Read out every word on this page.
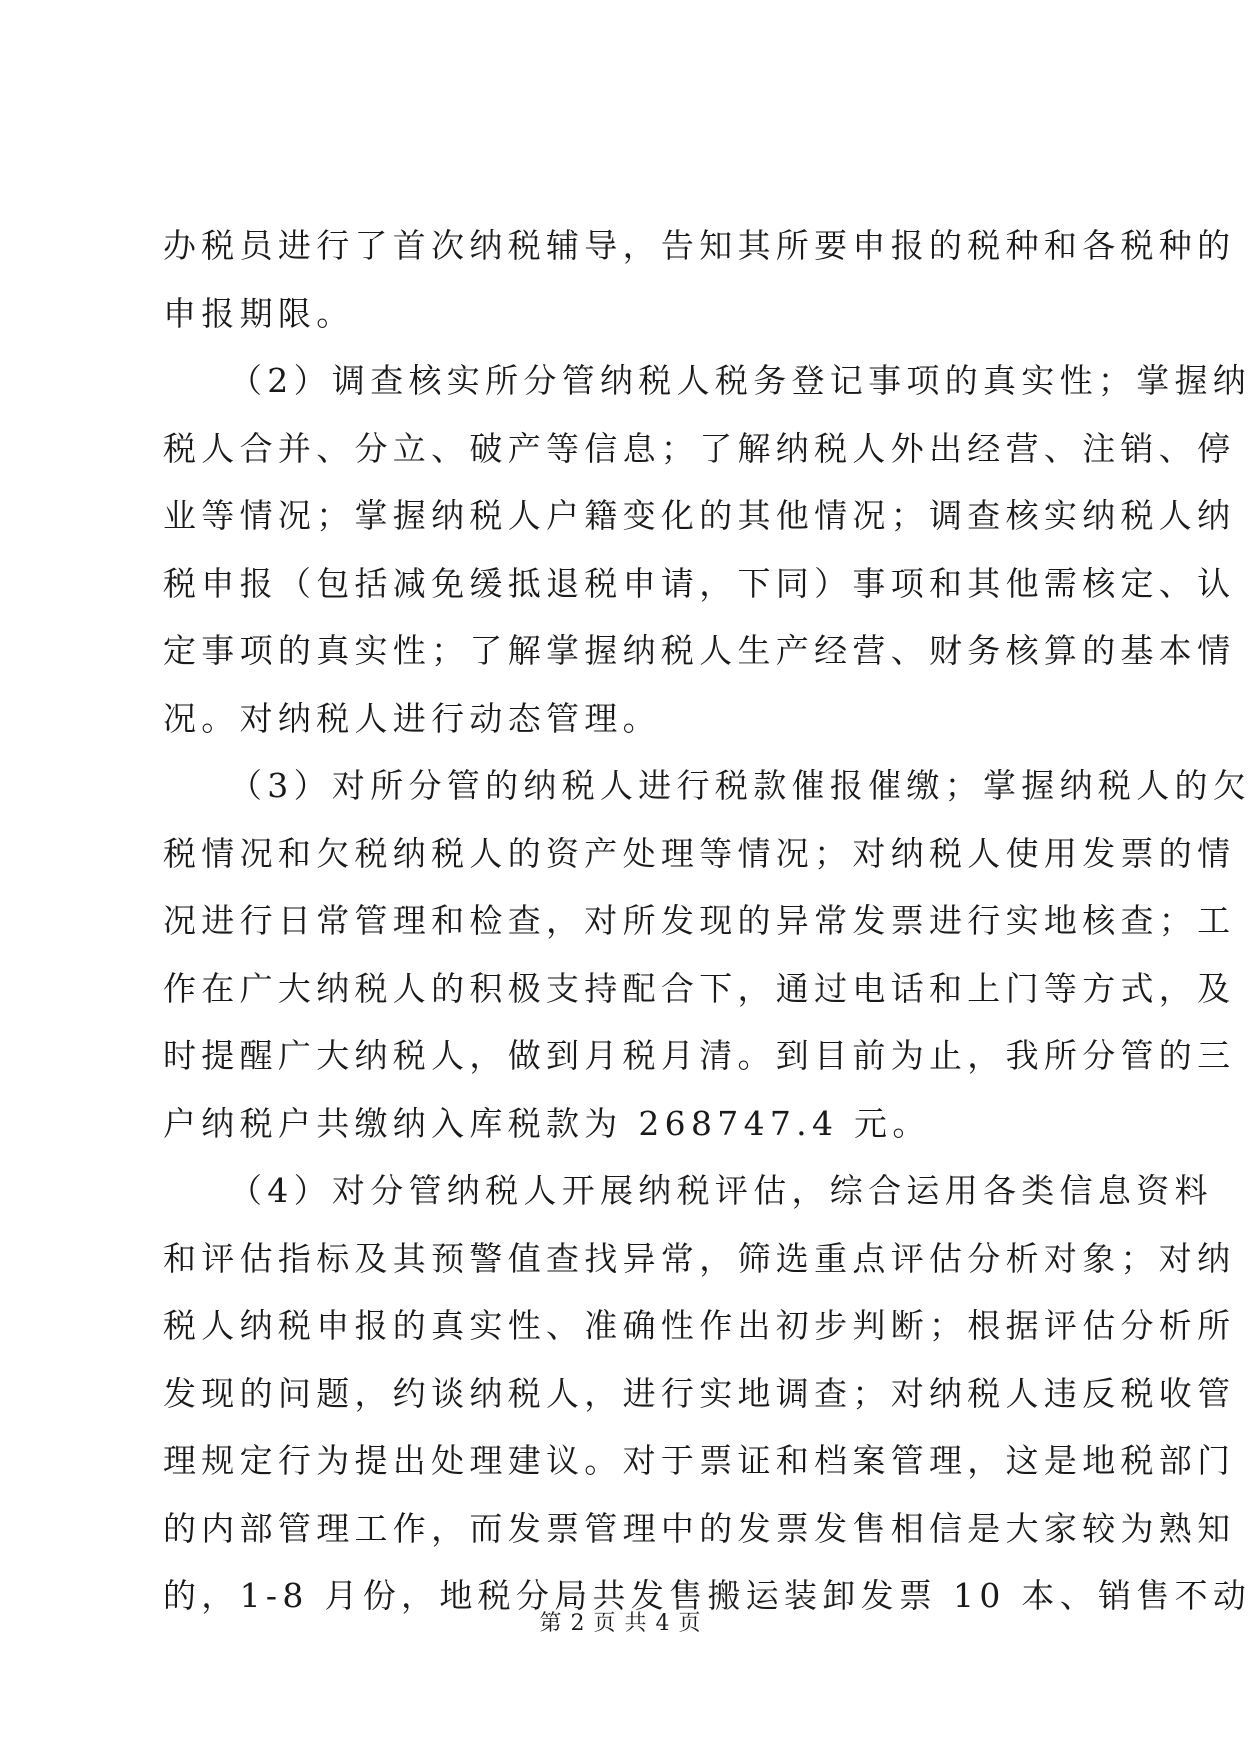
办税员进行了首次纳税辅导，告知其所要申报的税种和各税种的
申报期限。
（2）调查核实所分管纳税人税务登记事项的真实性；掌握纳
税人合并、分立、破产等信息；了解纳税人外出经营、注销、停
业等情况；掌握纳税人户籍变化的其他情况；调查核实纳税人纳
税申报（包括减免缓抵退税申请，下同）事项和其他需核定、认
定事项的真实性；了解掌握纳税人生产经营、财务核算的基本情
况。对纳税人进行动态管理。
（3）对所分管的纳税人进行税款催报催缴；掌握纳税人的欠
税情况和欠税纳税人的资产处理等情况；对纳税人使用发票的情
况进行日常管理和检查，对所发现的异常发票进行实地核查；工
作在广大纳税人的积极支持配合下，通过电话和上门等方式，及
时提醒广大纳税人，做到月税月清。到目前为止，我所分管的三
户纳税户共缴纳入库税款为 268747.4 元。
（4）对分管纳税人开展纳税评估，综合运用各类信息资料
和评估指标及其预警值查找异常，筛选重点评估分析对象；对纳
税人纳税申报的真实性、准确性作出初步判断；根据评估分析所
发现的问题，约谈纳税人，进行实地调查；对纳税人违反税收管
理规定行为提出处理建议。对于票证和档案管理，这是地税部门
的内部管理工作，而发票管理中的发票发售相信是大家较为熟知
的，1-8 月份，地税分局共发售搬运装卸发票 10 本、销售不动
第 2 页 共 4 页
